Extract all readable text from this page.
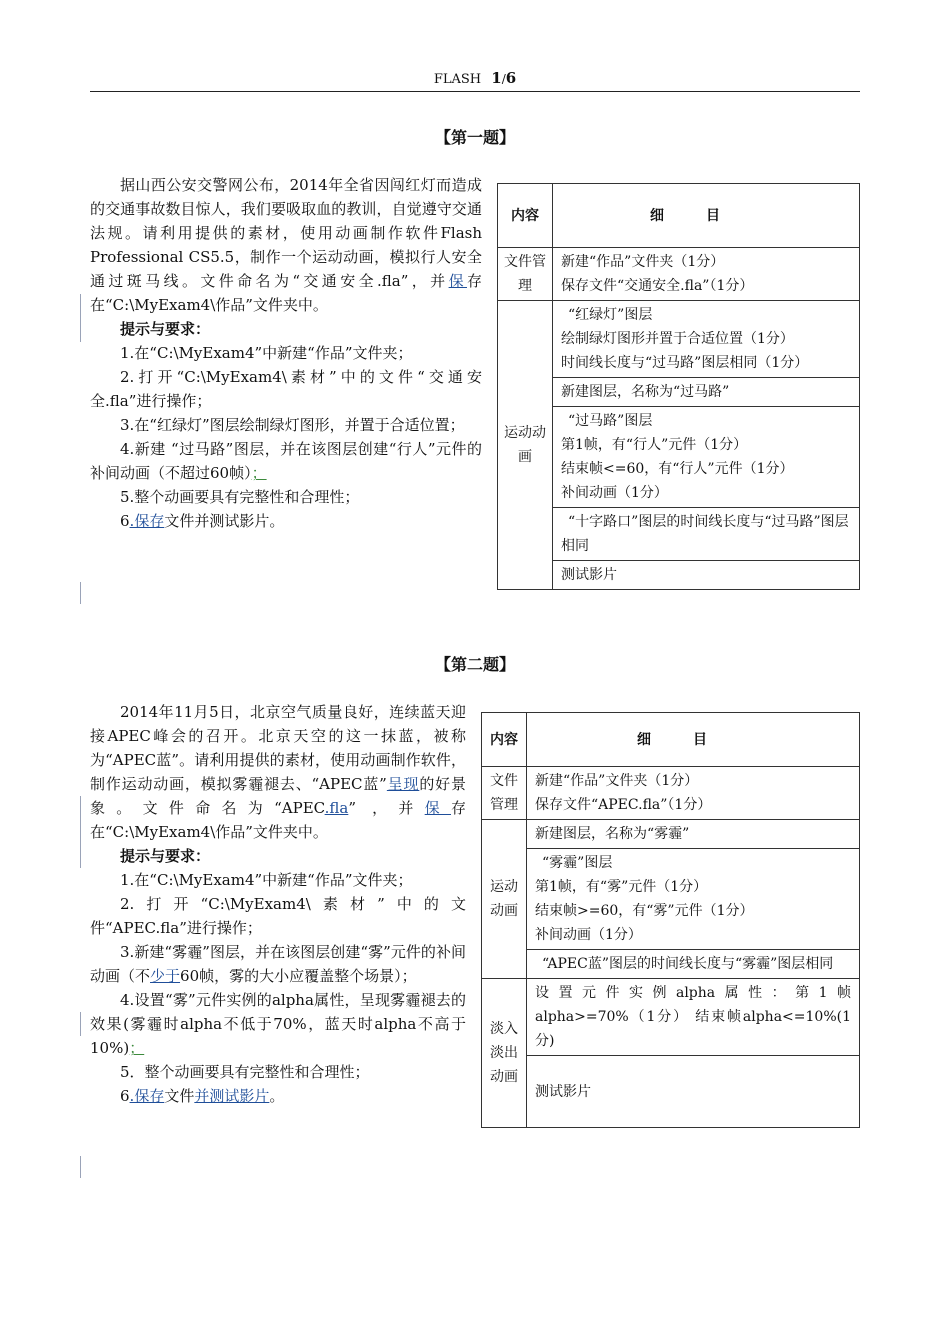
FLASH 1/6
【第一题】

据山西公安交警网公布，2014年全省因闯红灯而造成的交通事故数目惊人，我们要吸取血的教训，自觉遵守交通法规。请利用提供的素材，使用动画制作软件Flash Professional CS5.5，制作一个运动动画，模拟行人安全通过斑马线。文件命名为“交通安全.fla”，并保存在“C:\MyExam4\作品”文件夹中。

提示与要求：

1.在“C:\MyExam4”中新建“作品”文件夹；

2.打开“C:\MyExam4\素材”中的文件“交通安全.fla”进行操作；

3.在“红绿灯”图层绘制绿灯图形，并置于合适位置；

4.新建 “过马路”图层，并在该图层创建“行人”元件的补间动画（不超过60帧）；

5.整个动画要具有完整性和合理性；

6.保存文件并测试影片。

内容	细目
文件管理	新建“作品”文件夹（1分）
保存文件“交通安全.fla”（1分）

运动动画	“红绿灯”图层
绘制绿灯图形并置于合适位置（1分）
时间线长度与“过马路”图层相同（1分）

	新建图层，名称为“过马路”

	“过马路”图层
第1帧，有“行人”元件（1分）
结束帧<=60，有“行人”元件（1分）
补间动画（1分）

	“十字路口”图层的时间线长度与“过马路”图层相同
	测试影片
【第二题】

2014年11月5日，北京空气质量良好，连续蓝天迎接APEC峰会的召开。北京天空的这一抹蓝，被称为“APEC蓝”。请利用提供的素材，使用动画制作软件，制作运动动画，模拟雾霾褪去、“APEC蓝”呈现的好景象。文件命名为“APEC.fla” ，并保存在“C:\MyExam4\作品”文件夹中。

提示与要求：

1.在“C:\MyExam4”中新建“作品”文件夹；

2.打开“C:\MyExam4\素材”中的文件“APEC.fla”进行操作；

3.新建“雾霾”图层，并在该图层创建“雾”元件的补间动画（不少于60帧，雾的大小应覆盖整个场景）；

4.设置“雾”元件实例的alpha属性，呈现雾霾褪去的效果(雾霾时alpha不低于70%，蓝天时alpha不高于10%)；

5．整个动画要具有完整性和合理性；

6.保存文件并测试影片。

内容	细目
文件管理	新建“作品”文件夹（1分）
保存文件“APEC.fla”（1分）

运动动画	新建图层，名称为“雾霾”

	“雾霾”图层
第1帧，有“雾”元件（1分）
结束帧>=60，有“雾”元件（1分）
补间动画（1分）

	“APEC蓝”图层的时间线长度与“雾霾”图层相同
淡入淡出动画	设置元件实例alpha属性：第1帧alpha>=70%（1分） 结束帧alpha<=10%(1分)
	测试影片
